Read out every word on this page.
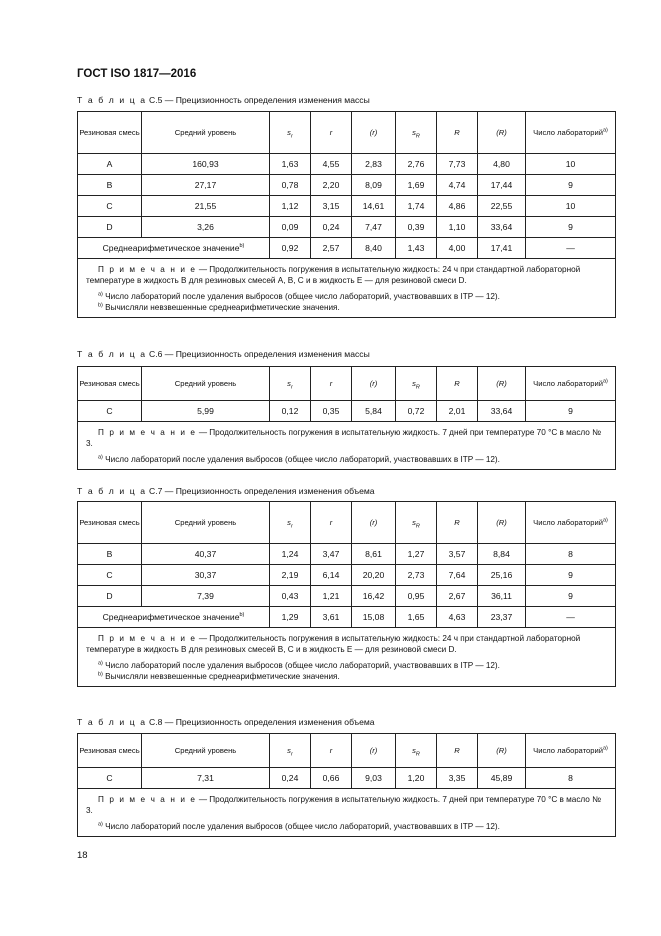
ГОСТ ISO 1817—2016
Т а б л и ц а С.5 — Прецизионность определения изменения массы
Резиновая смесь	Средний уровень	$s_r$	r	(r)	$s_R$	R	(R)	Число лабораторий$^{а)}$
A	160,93	1,63	4,55	2,83	2,76	7,73	4,80	10
B	27,17	0,78	2,20	8,09	1,69	4,74	17,44	9
C	21,55	1,12	3,15	14,61	1,74	4,86	22,55	10
D	3,26	0,09	0,24	7,47	0,39	1,10	33,64	9
Среднеарифметическое значение$^{b)}$		0,92	2,57	8,40	1,43	4,00	17,41	—

П р и м е ч а н и е — Продолжительность погружения в испытательную жидкость: 24 ч при стандартной лабораторной температуре в жидкость В для резиновых смесей A, B, C и в жидкость E — для резиновой смеси D.
$^{a)}$ Число лабораторий после удаления выбросов (общее число лабораторий, участвовавших в ITP — 12).
$^{b)}$ Вычисляли невзвешенные среднеарифметические значения.								
Т а б л и ц а С.6 — Прецизионность определения изменения массы
Резиновая смесь	Средний уровень	$s_r$	r	(r)	$s_R$	R	(R)	Число лабораторий$^{а)}$
C	5,99	0,12	0,35	5,84	0,72	2,01	33,64	9

П р и м е ч а н и е — Продолжительность погружения в испытательную жидкость. 7 дней при температуре 70 °С в масло № 3.
$^{a)}$ Число лабораторий после удаления выбросов (общее число лабораторий, участвовавших в ITP — 12).								
Т а б л и ц а С.7 — Прецизионность определения изменения объема
Резиновая смесь	Средний уровень	$s_r$	r	(r)	$s_R$	R	(R)	Число лабораторий$^{а)}$
B	40,37	1,24	3,47	8,61	1,27	3,57	8,84	8
C	30,37	2,19	6,14	20,20	2,73	7,64	25,16	9
D	7,39	0,43	1,21	16,42	0,95	2,67	36,11	9
Среднеарифметическое значение$^{b)}$		1,29	3,61	15,08	1,65	4,63	23,37	—

П р и м е ч а н и е — Продолжительность погружения в испытательную жидкость: 24 ч при стандартной лабораторной температуре в жидкость В для резиновых смесей B, C и в жидкость E — для резиновой смеси D.
$^{a)}$ Число лабораторий после удаления выбросов (общее число лабораторий, участвовавших в ITP — 12).
$^{b)}$ Вычисляли невзвешенные среднеарифметические значения.								
Т а б л и ц а С.8 — Прецизионность определения изменения объема
Резиновая смесь	Средний уровень	$s_r$	r	(r)	$s_R$	R	(R)	Число лабораторий$^{а)}$
C	7,31	0,24	0,66	9,03	1,20	3,35	45,89	8

П р и м е ч а н и е — Продолжительность погружения в испытательную жидкость. 7 дней при температуре 70 °С в масло № 3.
$^{a)}$ Число лабораторий после удаления выбросов (общее число лабораторий, участвовавших в ITP — 12).								
18
